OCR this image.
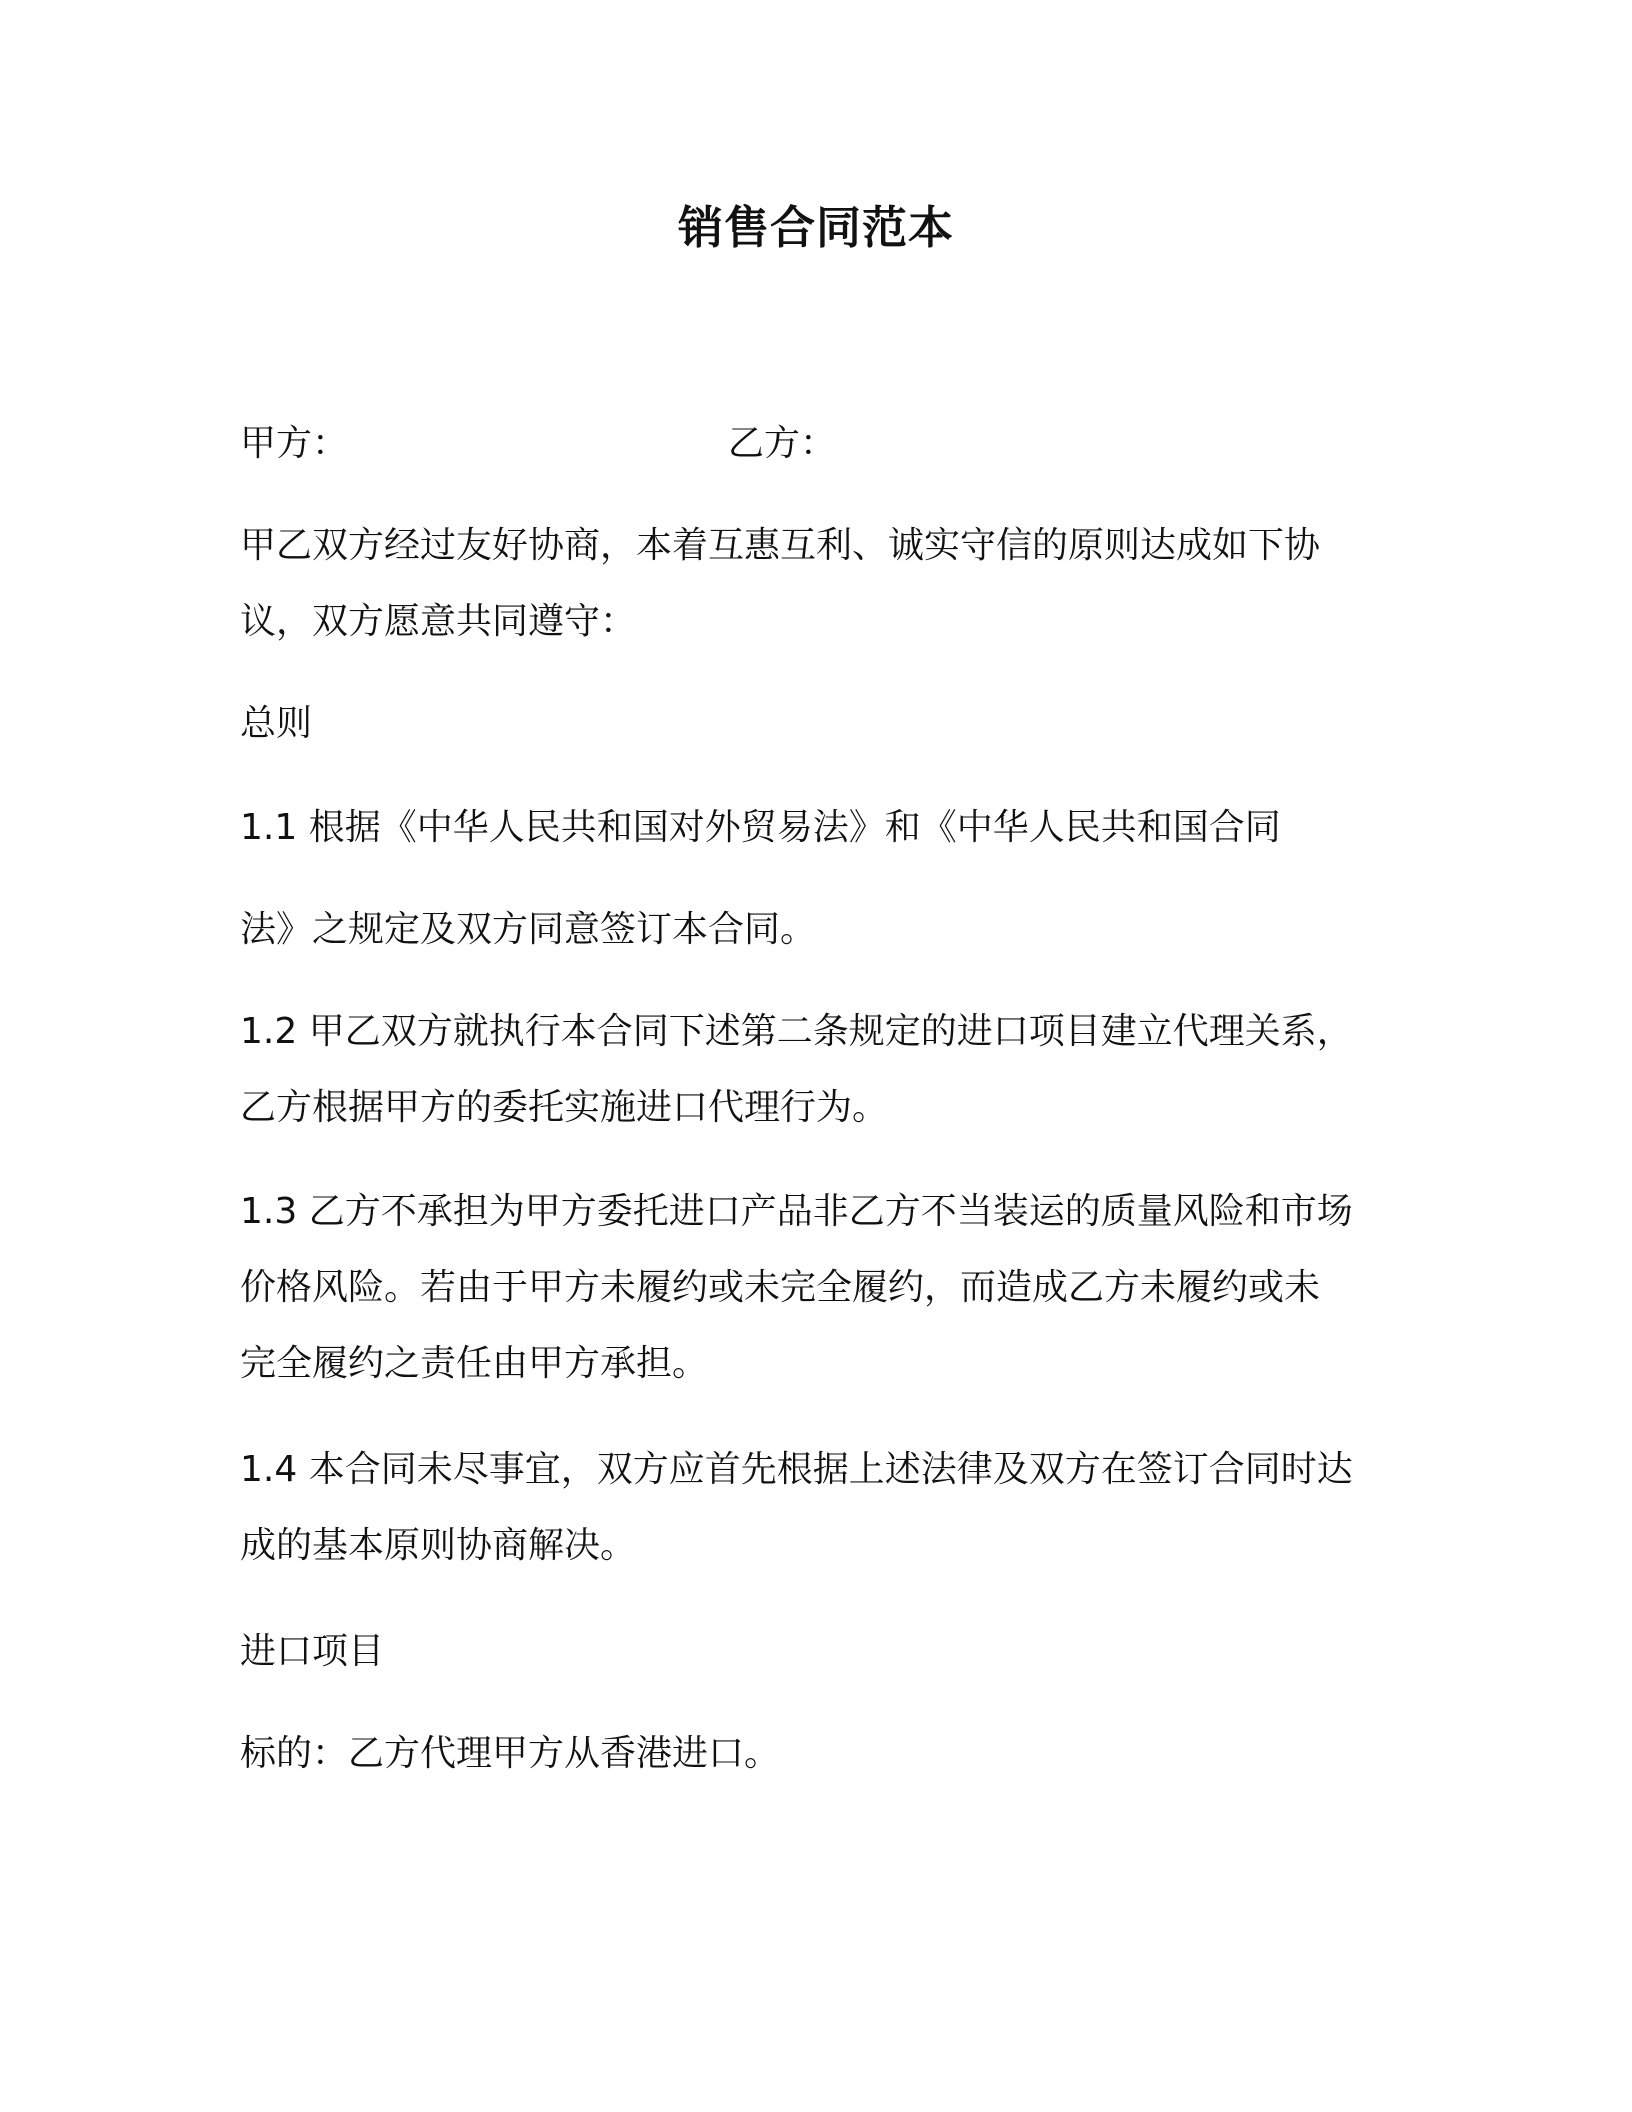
销售合同范本
甲方：	乙方：
甲乙双方经过友好协商，本着互惠互利、诚实守信的原则达成如下协
议，双方愿意共同遵守：
总则
1.1 根据《中华人民共和国对外贸易法》和《中华人民共和国合同
法》之规定及双方同意签订本合同。
1.2 甲乙双方就执行本合同下述第二条规定的进口项目建立代理关系，
乙方根据甲方的委托实施进口代理行为。
1.3 乙方不承担为甲方委托进口产品非乙方不当装运的质量风险和市场
价格风险。若由于甲方未履约或未完全履约，而造成乙方未履约或未
完全履约之责任由甲方承担。
1.4 本合同未尽事宜，双方应首先根据上述法律及双方在签订合同时达
成的基本原则协商解决。
进口项目
标的：乙方代理甲方从香港进口。
